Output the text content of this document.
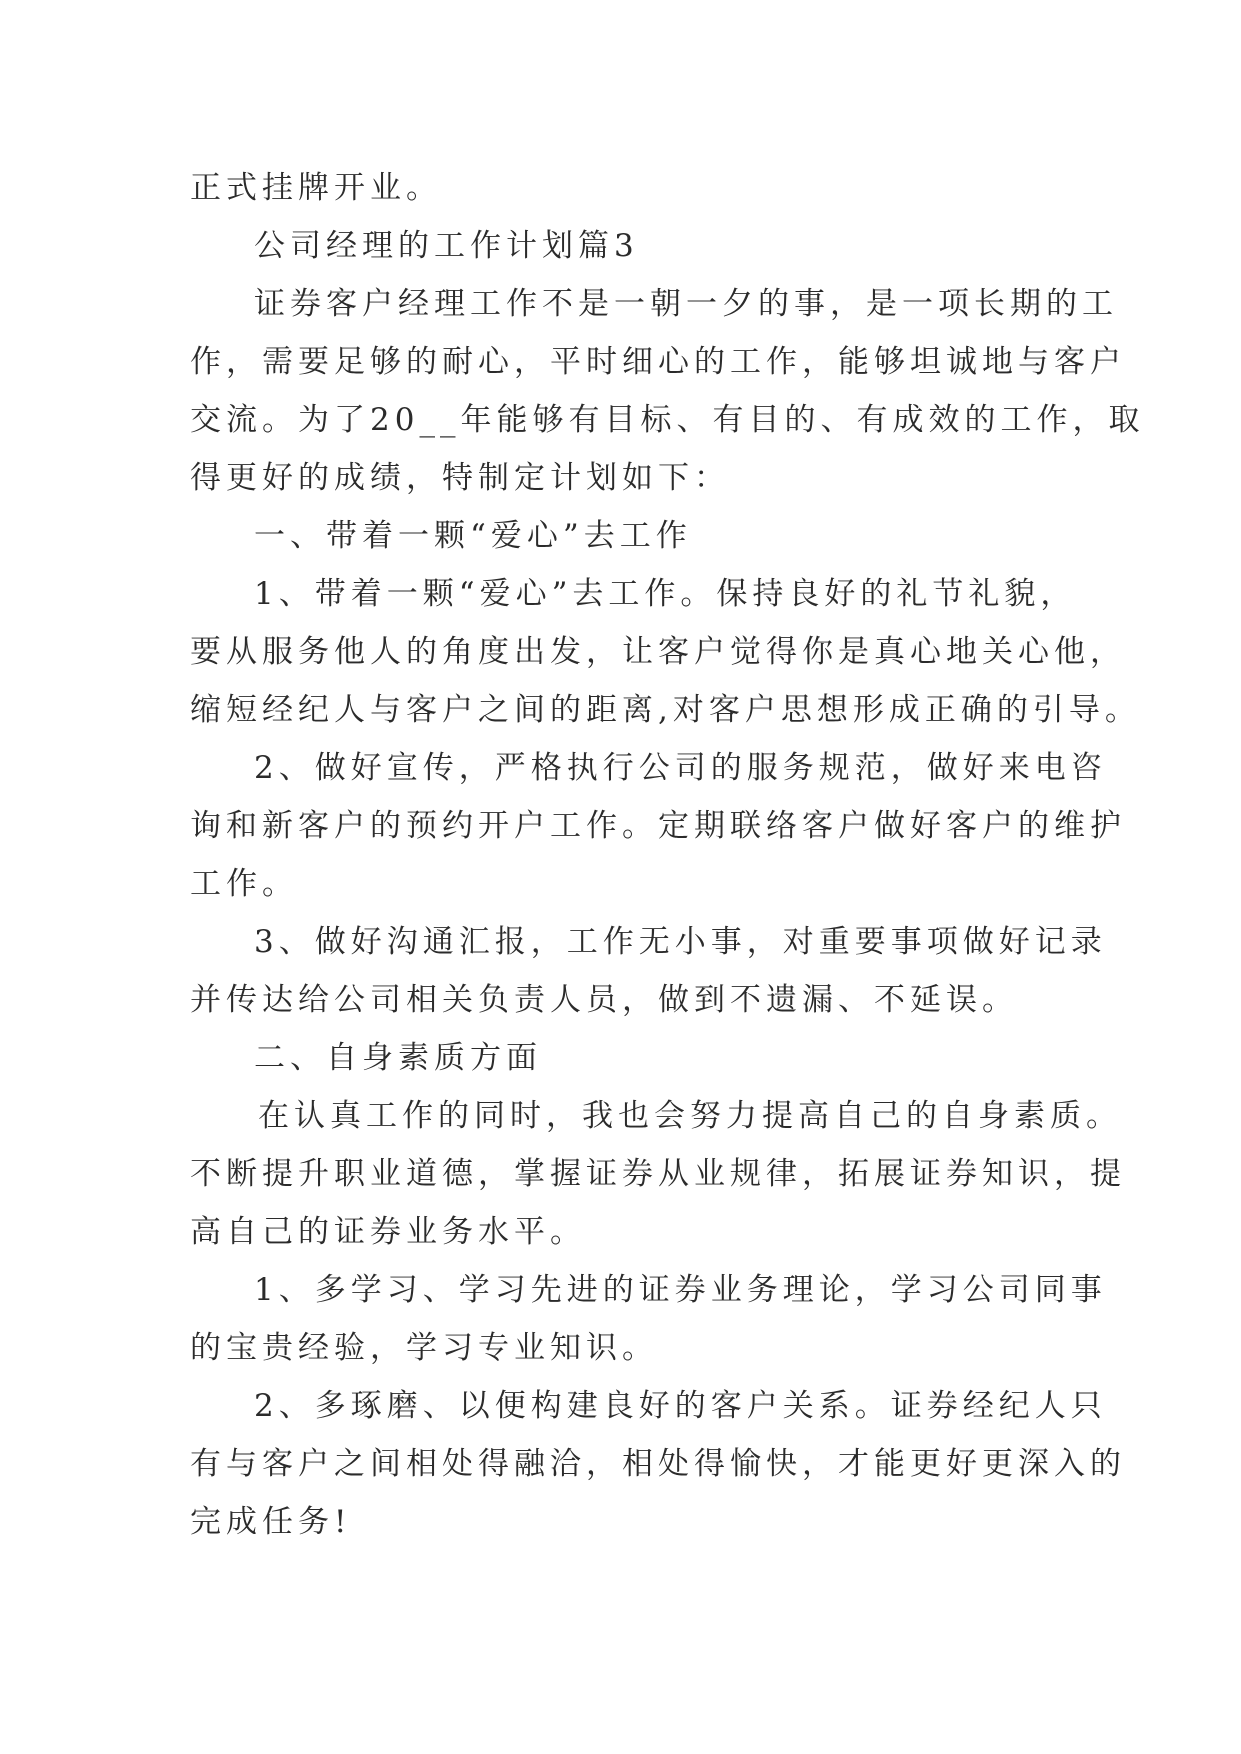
正式挂牌开业。
公司经理的工作计划篇3
证券客户经理工作不是一朝一夕的事，是一项长期的工
作，需要足够的耐心，平时细心的工作，能够坦诚地与客户
交流。为了20__年能够有目标、有目的、有成效的工作，取
得更好的成绩，特制定计划如下：
一、带着一颗“爱心”去工作
1、带着一颗“爱心”去工作。保持良好的礼节礼貌，
要从服务他人的角度出发，让客户觉得你是真心地关心他，
缩短经纪人与客户之间的距离,对客户思想形成正确的引导。
2、做好宣传，严格执行公司的服务规范，做好来电咨
询和新客户的预约开户工作。定期联络客户做好客户的维护
工作。
3、做好沟通汇报，工作无小事，对重要事项做好记录
并传达给公司相关负责人员，做到不遗漏、不延误。
二、自身素质方面
在认真工作的同时，我也会努力提高自己的自身素质。
不断提升职业道德，掌握证券从业规律，拓展证券知识，提
高自己的证券业务水平。
1、多学习、学习先进的证券业务理论，学习公司同事
的宝贵经验，学习专业知识。
2、多琢磨、以便构建良好的客户关系。证券经纪人只
有与客户之间相处得融洽，相处得愉快，才能更好更深入的
完成任务!
